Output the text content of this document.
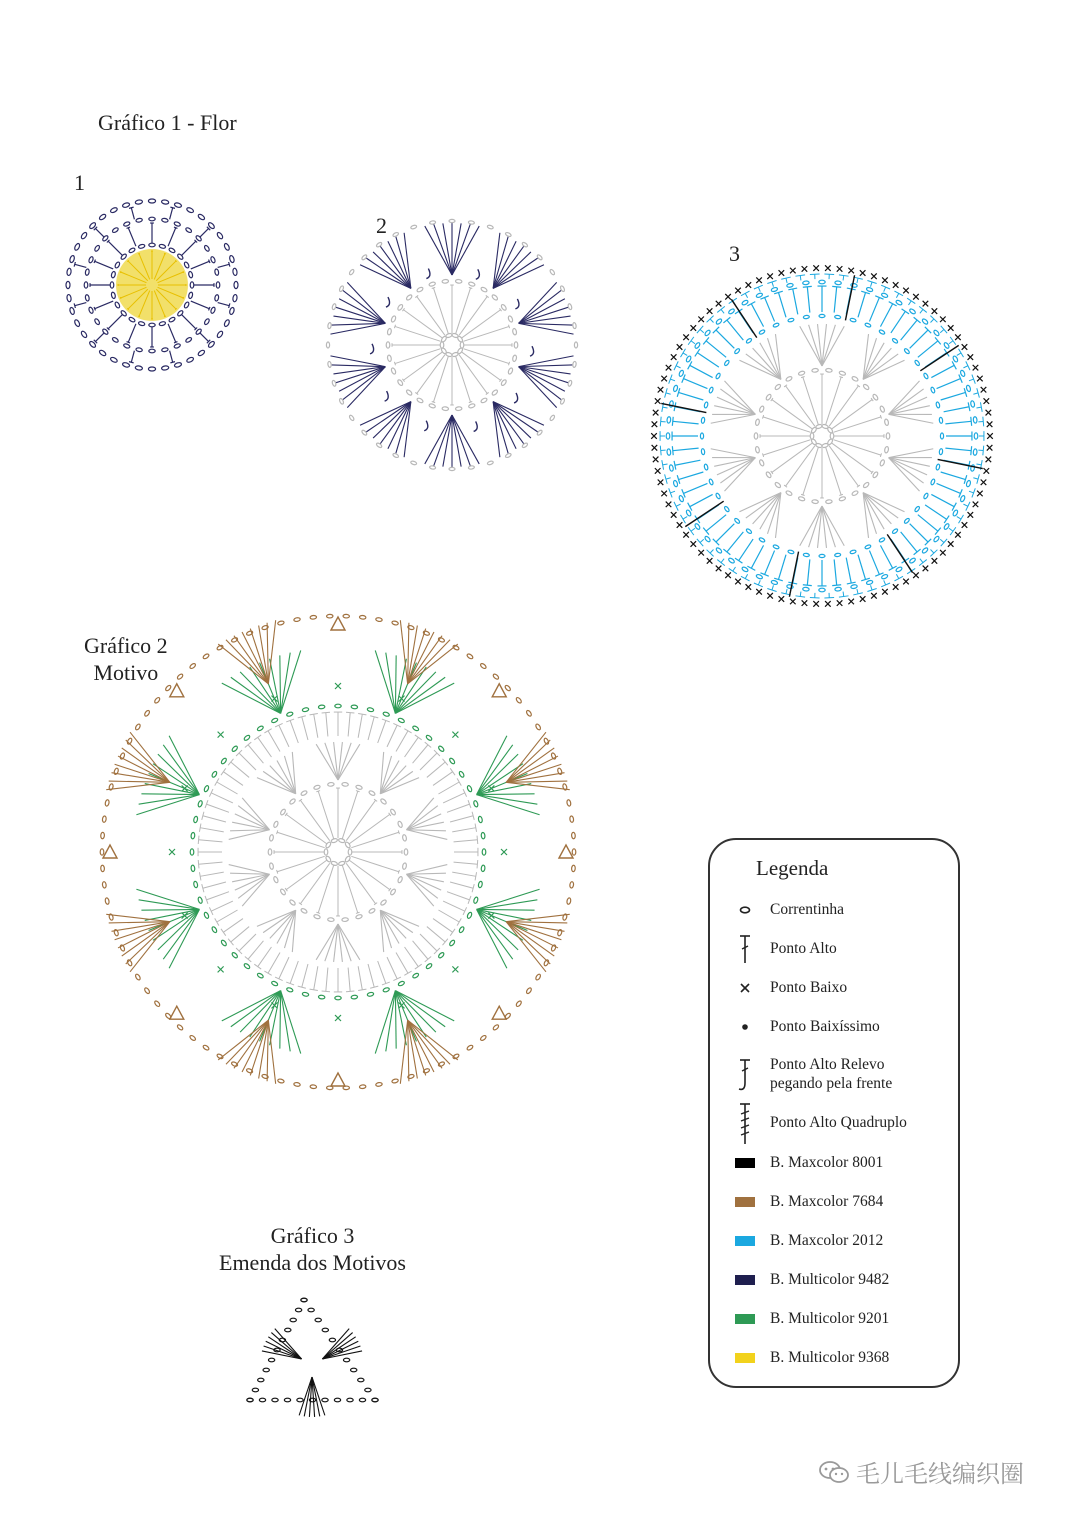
Gráfico 1 - Flor
1
2
3
Gráfico 2
Motivo
Gráfico 3
Emenda dos Motivos
Legenda
Correntinha
Ponto Alto
Ponto Baixo
Ponto Baixíssimo
Ponto Alto Relevo
pegando pela frente
Ponto Alto Quadruplo
B. Maxcolor 8001
B. Maxcolor 7684
B. Maxcolor 2012
B. Multicolor 9482
B. Multicolor 9201
B. Multicolor 9368
毛儿毛线编织圈
